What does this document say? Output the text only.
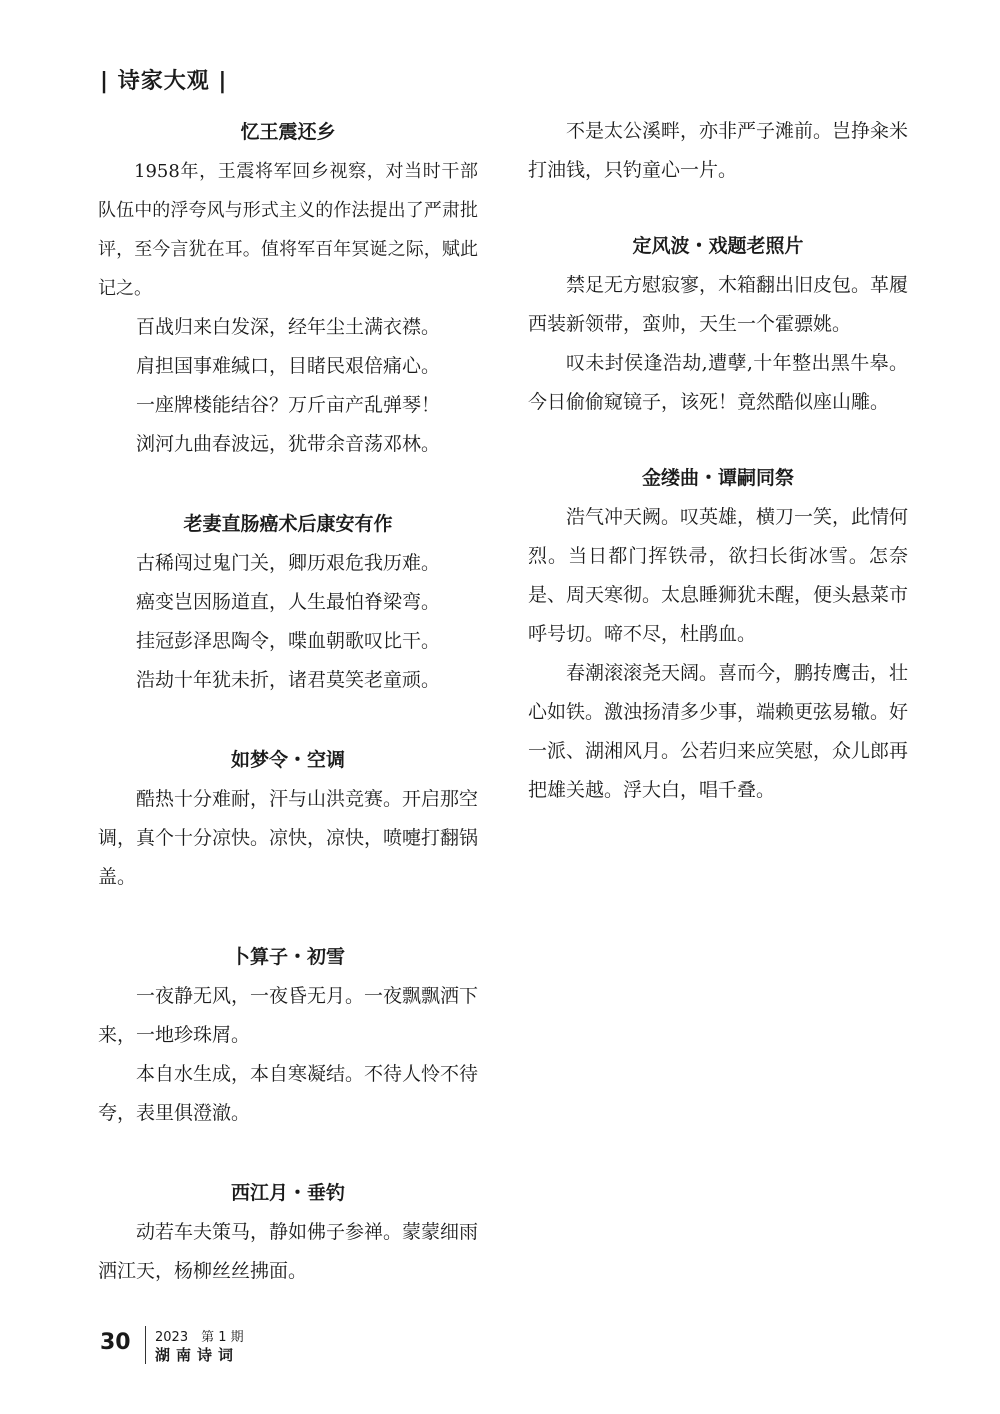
| 诗家大观 |

忆王震还乡

1958年，王震将军回乡视察，对当时干部队伍中的浮夸风与形式主义的作法提出了严肃批评，至今言犹在耳。值将军百年冥诞之际，赋此记之。

百战归来白发深，经年尘土满衣襟。

肩担国事难缄口，目睹民艰倍痛心。

一座牌楼能结谷？万斤亩产乱弹琴！

浏河九曲春波远，犹带余音荡邓林。

老妻直肠癌术后康安有作

古稀闯过鬼门关，卿历艰危我历难。

癌变岂因肠道直，人生最怕脊梁弯。

挂冠彭泽思陶令，喋血朝歌叹比干。

浩劫十年犹未折，诸君莫笑老童顽。

如梦令・空调

酷热十分难耐，汗与山洪竞赛。开启那空调，真个十分凉快。凉快，凉快，喷嚏打翻锅盖。

卜算子・初雪

一夜静无风，一夜昏无月。一夜飘飘洒下来，一地珍珠屑。

本自水生成，本自寒凝结。不待人怜不待夸，表里俱澄澈。

西江月・垂钓

动若车夫策马，静如佛子参禅。蒙蒙细雨洒江天，杨柳丝丝拂面。

不是太公溪畔，亦非严子滩前。岂挣籴米打油钱，只钓童心一片。

定风波・戏题老照片

禁足无方慰寂寥，木箱翻出旧皮包。革履西装新领带，蛮帅，天生一个霍骠姚。

叹未封侯逢浩劫,遭孽,十年整出黑牛皋。今日偷偷窥镜子，该死！竟然酷似座山雕。

金缕曲・谭嗣同祭

浩气冲天阙。叹英雄，横刀一笑，此情何烈。当日都门挥铁帚，欲扫长街冰雪。怎奈是、周天寒彻。太息睡狮犹未醒，便头悬菜市呼号切。啼不尽，杜鹃血。

春潮滚滚尧天阔。喜而今，鹏抟鹰击，壮心如铁。激浊扬清多少事，端赖更弦易辙。好一派、湖湘风月。公若归来应笑慰，众儿郎再把雄关越。浮大白，唱千叠。

30 2023　第 1 期
湖南诗词
